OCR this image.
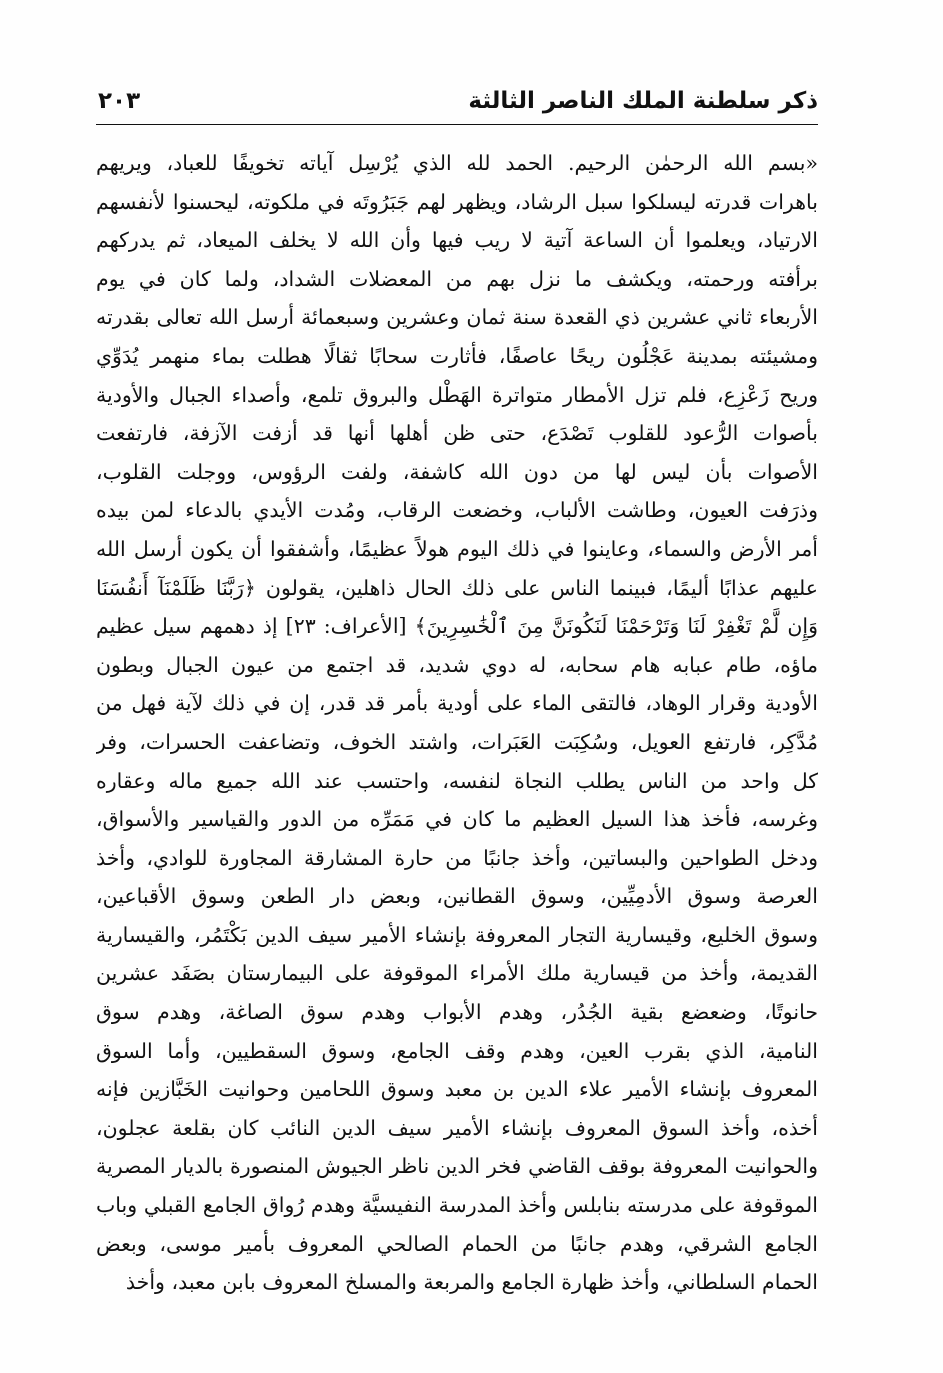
ذكر سلطنة الملك الناصر الثالثة
٢٠٣
«بسم الله الرحمٰن الرحيم. الحمد لله الذي يُرْسِل آياته تخويفًا للعباد، ويريهم
باهرات قدرته ليسلكوا سبل الرشاد، ويظهر لهم جَبَرُوتَه في ملكوته، ليحسنوا لأنفسهم
الارتياد، ويعلموا أن الساعة آتية لا ريب فيها وأن الله لا يخلف الميعاد، ثم يدركهم
برأفته ورحمته، ويكشف ما نزل بهم من المعضلات الشداد، ولما كان في يوم
الأربعاء ثاني عشرين ذي القعدة سنة ثمان وعشرين وسبعمائة أرسل الله تعالى بقدرته
ومشيئته بمدينة عَجْلُون ريحًا عاصفًا، فأثارت سحابًا ثقالًا هطلت بماء منهمر يُدَوِّي
وريح زَعْزِع، فلم تزل الأمطار متواترة الهَطْل والبروق تلمع، وأصداء الجبال والأودية
بأصوات الرُّعود للقلوب تَصْدَع، حتى ظن أهلها أنها قد أزفت الآزفة، فارتفعت
الأصوات بأن ليس لها من دون الله كاشفة، ولفت الرؤوس، ووجلت القلوب،
وذرَفت العيون، وطاشت الألباب، وخضعت الرقاب، ومُدت الأيدي بالدعاء لمن بيده
أمر الأرض والسماء، وعاينوا في ذلك اليوم هولاً عظيمًا، وأشفقوا أن يكون أرسل الله
عليهم عذابًا أليمًا، فبينما الناس على ذلك الحال ذاهلين، يقولون ﴿رَبَّنَا ظَلَمْنَآ أَنفُسَنَا
وَإِن لَّمْ تَغْفِرْ لَنَا وَتَرْحَمْنَا لَنَكُونَنَّ مِنَ ٱلْخَٰسِرِينَ﴾ [الأعراف: ٢٣] إذ دهمهم سيل عظيم
ماؤه، طام عبابه هام سحابه، له دوي شديد، قد اجتمع من عيون الجبال وبطون
الأودية وقرار الوهاد، فالتقى الماء على أودية بأمر قد قدر، إن في ذلك لآية فهل من
مُدَّكِر، فارتفع العويل، وسُكِبَت العَبَرات، واشتد الخوف، وتضاعفت الحسرات، وفر
كل واحد من الناس يطلب النجاة لنفسه، واحتسب عند الله جميع ماله وعقاره
وغرسه، فأخذ هذا السيل العظيم ما كان في مَمَرِّه من الدور والقياسير والأسواق،
ودخل الطواحين والبساتين، وأخذ جانبًا من حارة المشارقة المجاورة للوادي، وأخذ
العرصة وسوق الأدمِيِّين، وسوق القطانين، وبعض دار الطعن وسوق الأقباعين،
وسوق الخليع، وقيسارية التجار المعروفة بإنشاء الأمير سيف الدين بَكْتَمُر، والقيسارية
القديمة، وأخذ من قيسارية ملك الأمراء الموقوفة على البيمارستان بصَفَد عشرين
حانوتًا، وضعضع بقية الجُدُر، وهدم الأبواب وهدم سوق الصاغة، وهدم سوق
النامية، الذي بقرب العين، وهدم وقف الجامع، وسوق السقطيين، وأما السوق
المعروف بإنشاء الأمير علاء الدين بن معبد وسوق اللحامين وحوانيت الخَبَّازين فإنه
أخذه، وأخذ السوق المعروف بإنشاء الأمير سيف الدين النائب كان بقلعة عجلون،
والحوانيت المعروفة بوقف القاضي فخر الدين ناظر الجيوش المنصورة بالديار المصرية
الموقوفة على مدرسته بنابلس وأخذ المدرسة النفيسيَّة وهدم رُواق الجامع القبلي وباب
الجامع الشرقي، وهدم جانبًا من الحمام الصالحي المعروف بأمير موسى، وبعض
الحمام السلطاني، وأخذ ظهارة الجامع والمربعة والمسلخ المعروف بابن معبد، وأخذ
